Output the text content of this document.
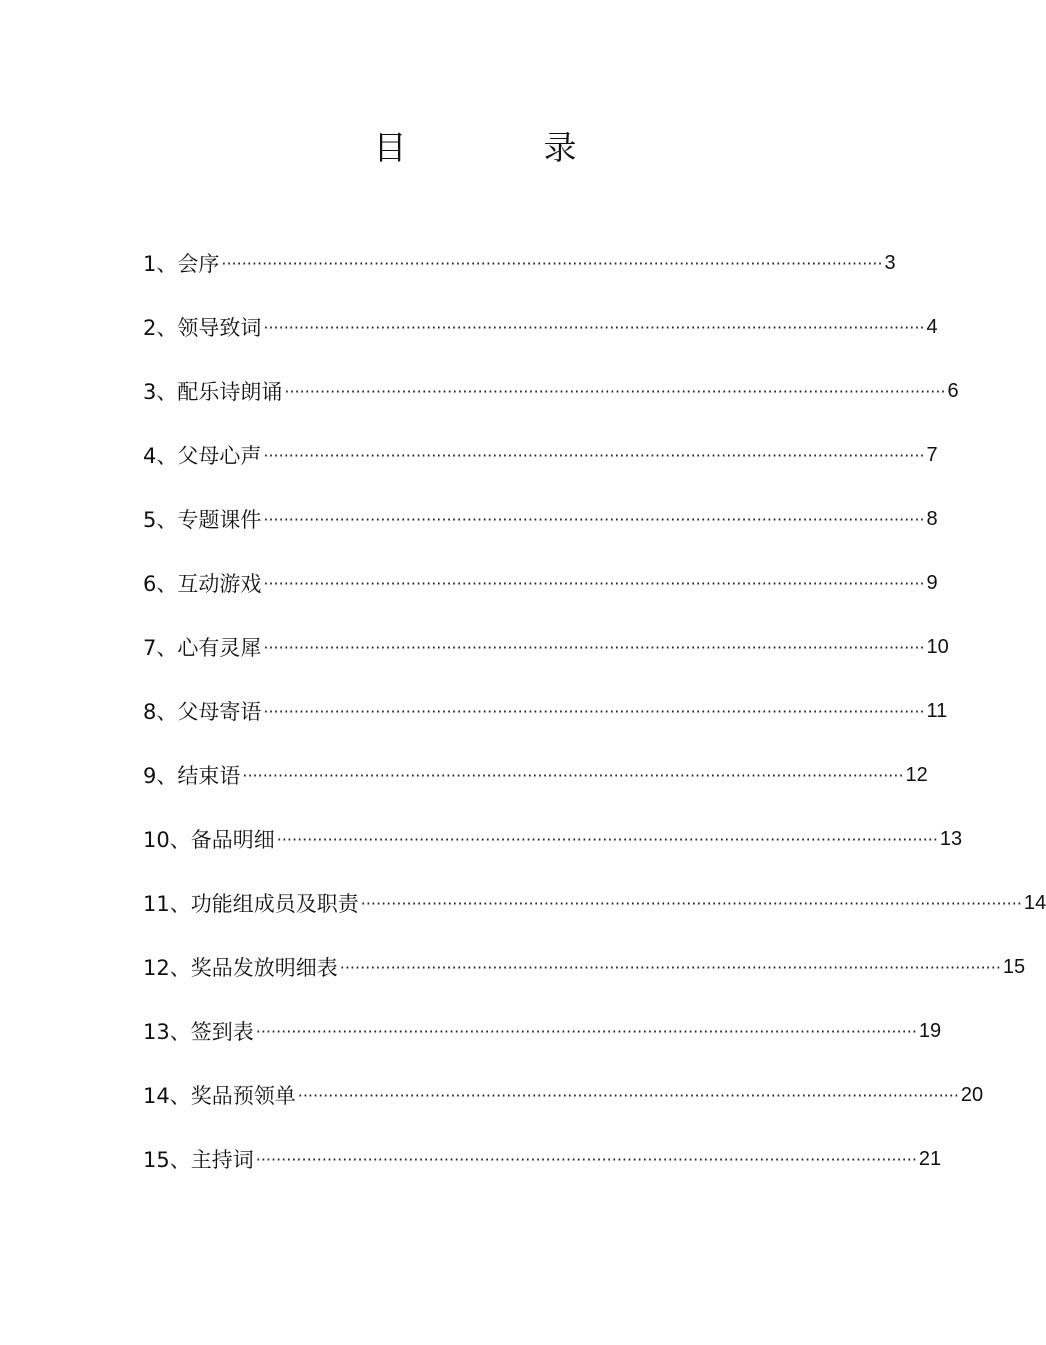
目　录
1、会序 ·································································································································· 3
2、领导致词 ·································································································································· 4
3、配乐诗朗诵 ·································································································································· 6
4、父母心声 ·································································································································· 7
5、专题课件 ·································································································································· 8
6、互动游戏 ·································································································································· 9
7、心有灵犀 ·································································································································· 10
8、父母寄语 ·································································································································· 11
9、结束语 ·································································································································· 12
10、备品明细 ·································································································································· 13
11、功能组成员及职责 ·································································································································· 14
12、奖品发放明细表 ·································································································································· 15
13、签到表 ·································································································································· 19
14、奖品预领单 ·································································································································· 20
15、主持词 ·································································································································· 21
